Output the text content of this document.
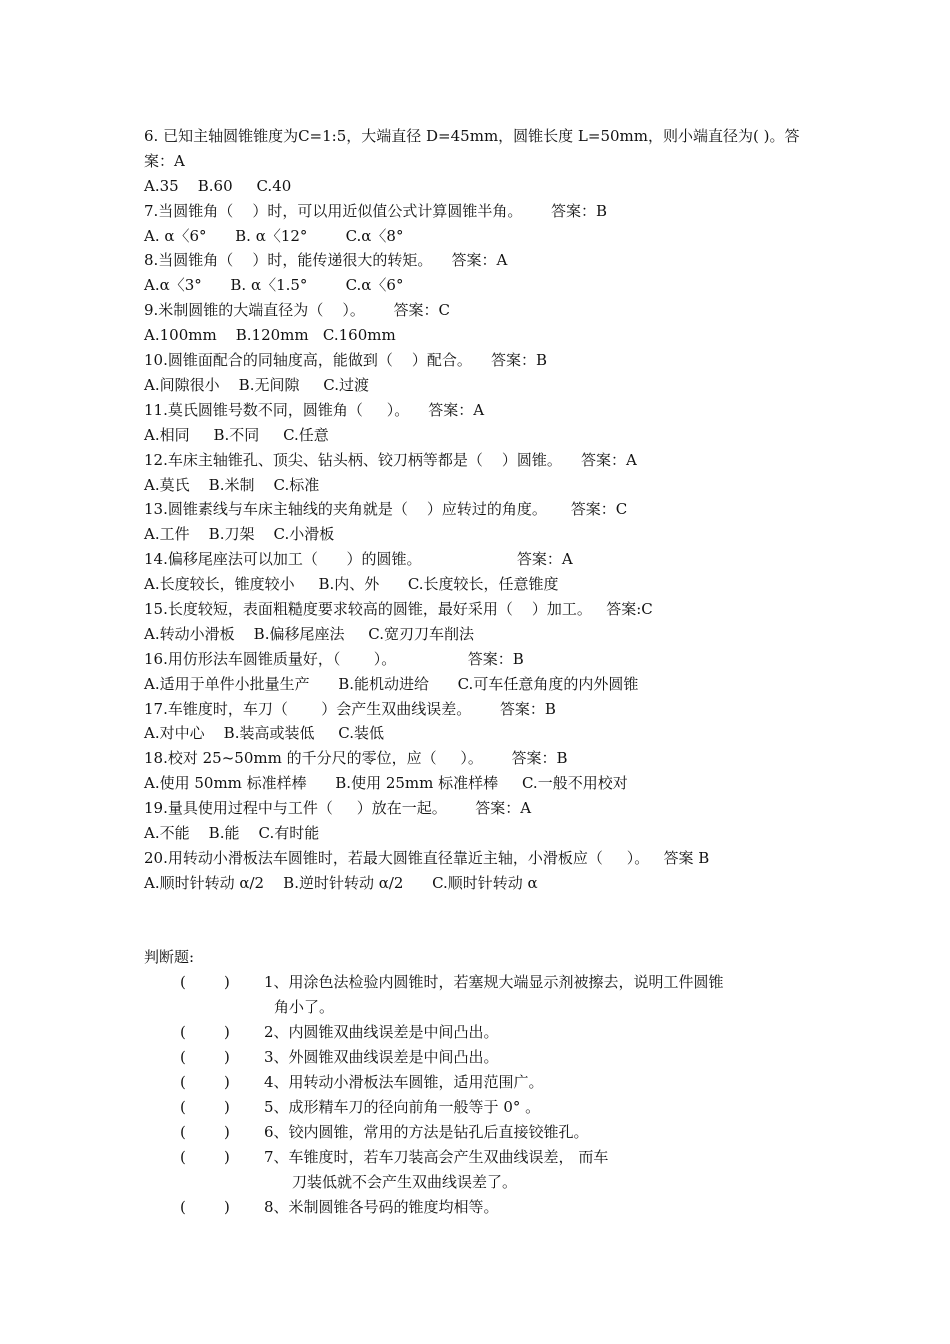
6. 已知主轴圆锥锥度为C=1:5，大端直径 D=45mm，圆锥长度 L=50mm，则小端直径为( )。答案：A
A.35    B.60     C.40
7.当圆锥角（    ）时，可以用近似值公式计算圆锥半角。      答案：B
A. α〈6°      B. α〈12°        C.α〈8°
8.当圆锥角（    ）时，能传递很大的转矩。    答案：A
A.α〈3°      B. α〈1.5°        C.α〈6°
9.米制圆锥的大端直径为（    ）。      答案：C
A.100mm    B.120mm   C.160mm
10.圆锥面配合的同轴度高，能做到（    ）配合。    答案：B
A.间隙很小    B.无间隙     C.过渡
11.莫氏圆锥号数不同，圆锥角（     ）。    答案：A
A.相同     B.不同     C.任意
12.车床主轴锥孔、顶尖、钻头柄、铰刀柄等都是（    ）圆锥。    答案：A
A.莫氏    B.米制    C.标准
13.圆锥素线与车床主轴线的夹角就是（    ）应转过的角度。     答案：C
A.工件    B.刀架    C.小滑板
14.偏移尾座法可以加工（      ）的圆锥。                    答案：A
A.长度较长，锥度较小     B.内、外      C.长度较长，任意锥度
15.长度较短，表面粗糙度要求较高的圆锥，最好采用（    ）加工。   答案:C
A.转动小滑板    B.偏移尾座法     C.宽刃刀车削法
16.用仿形法车圆锥质量好，（       ）。               答案：B
A.适用于单件小批量生产      B.能机动进给      C.可车任意角度的内外圆锥
17.车锥度时，车刀（       ）会产生双曲线误差。      答案：B
A.对中心    B.装高或装低     C.装低
18.校对 25~50mm 的千分尺的零位，应（     ）。      答案：B
A.使用 50mm 标准样棒      B.使用 25mm 标准样棒     C.一般不用校对
19.量具使用过程中与工件（     ）放在一起。      答案：A
A.不能    B.能    C.有时能
20.用转动小滑板法车圆锥时，若最大圆锥直径靠近主轴，小滑板应（     ）。   答案 B
A.顺时针转动 α/2    B.逆时针转动 α/2      C.顺时针转动 α
判断题:
(        )	1、用涂色法检验内圆锥时，若塞规大端显示剂被擦去，说明工件圆锥
角小了。
(        )	2、内圆锥双曲线误差是中间凸出。
(        )	3、外圆锥双曲线误差是中间凸出。
(        )	4、用转动小滑板法车圆锥，适用范围广。
(        )	5、成形精车刀的径向前角一般等于 0° 。
(        )	6、铰内圆锥，常用的方法是钻孔后直接铰锥孔。
(        )	7、车锥度时，若车刀装高会产生双曲线误差， 而车
刀装低就不会产生双曲线误差了。
(        )	8、米制圆锥各号码的锥度均相等。
